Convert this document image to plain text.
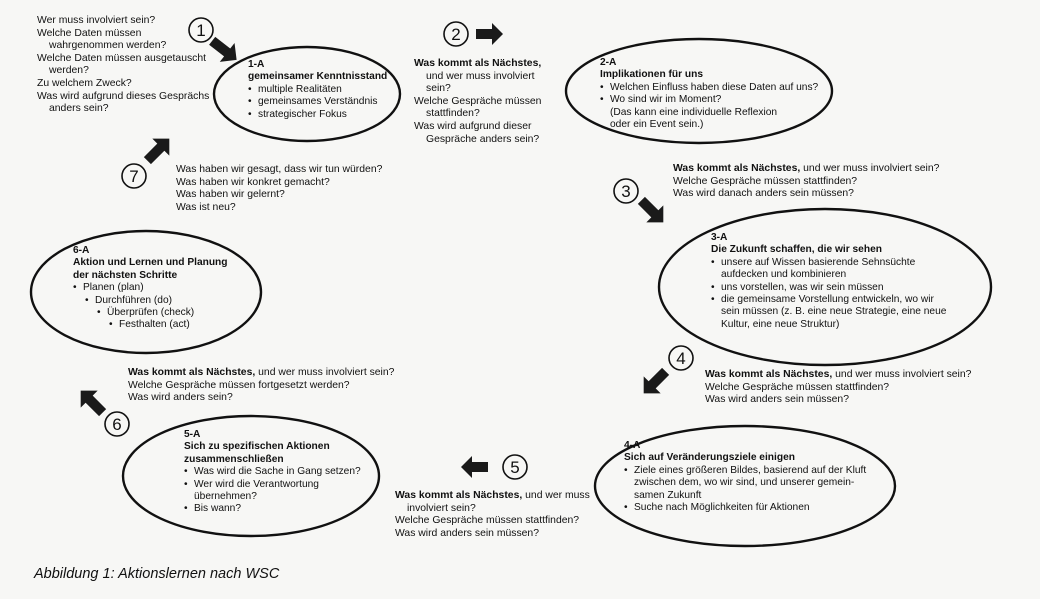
1	2
3
4
5
6
7
Wer muss involviert sein?
Welche Daten müssen
wahrgenommen werden?
Welche Daten müssen ausgetauscht
werden?
Zu welchem Zweck?
Was wird aufgrund dieses Gesprächs
anders sein?
1-A
gemeinsamer Kenntnisstand
• multiple Realitäten
• gemeinsames Verständnis
• strategischer Fokus
Was kommt als Nächstes,
und wer muss involviert
sein?
Welche Gespräche müssen
stattfinden?
Was wird aufgrund dieser
Gespräche anders sein?
2-A
Implikationen für uns
• Welchen Einfluss haben diese Daten auf uns?
• Wo sind wir im Moment?
(Das kann eine individuelle Reflexion
oder ein Event sein.)
Was haben wir gesagt, dass wir tun würden?
Was haben wir konkret gemacht?
Was haben wir gelernt?
Was ist neu?
Was kommt als Nächstes, und wer muss involviert sein?
Welche Gespräche müssen stattfinden?
Was wird danach anders sein müssen?
6-A
Aktion und Lernen und Planung
der nächsten Schritte
• Planen (plan)
• Durchführen (do)
• Überprüfen (check)
• Festhalten (act)
3-A
Die Zukunft schaffen, die wir sehen
• unsere auf Wissen basierende Sehnsüchte
aufdecken und kombinieren
• uns vorstellen, was wir sein müssen
• die gemeinsame Vorstellung entwickeln, wo wir
sein müssen (z. B. eine neue Strategie, eine neue
Kultur, eine neue Struktur)
Was kommt als Nächstes, und wer muss involviert sein?
Welche Gespräche müssen fortgesetzt werden?
Was wird anders sein?
Was kommt als Nächstes, und wer muss involviert sein?
Welche Gespräche müssen stattfinden?
Was wird anders sein müssen?
5-A
Sich zu spezifischen Aktionen
zusammenschließen
• Was wird die Sache in Gang setzen?
• Wer wird die Verantwortung
übernehmen?
• Bis wann?
4-A
Sich auf Veränderungsziele einigen
• Ziele eines größeren Bildes, basierend auf der Kluft
zwischen dem, wo wir sind, und unserer gemein-
samen Zukunft
• Suche nach Möglichkeiten für Aktionen
Was kommt als Nächstes, und wer muss
involviert sein?
Welche Gespräche müssen stattfinden?
Was wird anders sein müssen?
Abbildung 1: Aktionslernen nach WSC
